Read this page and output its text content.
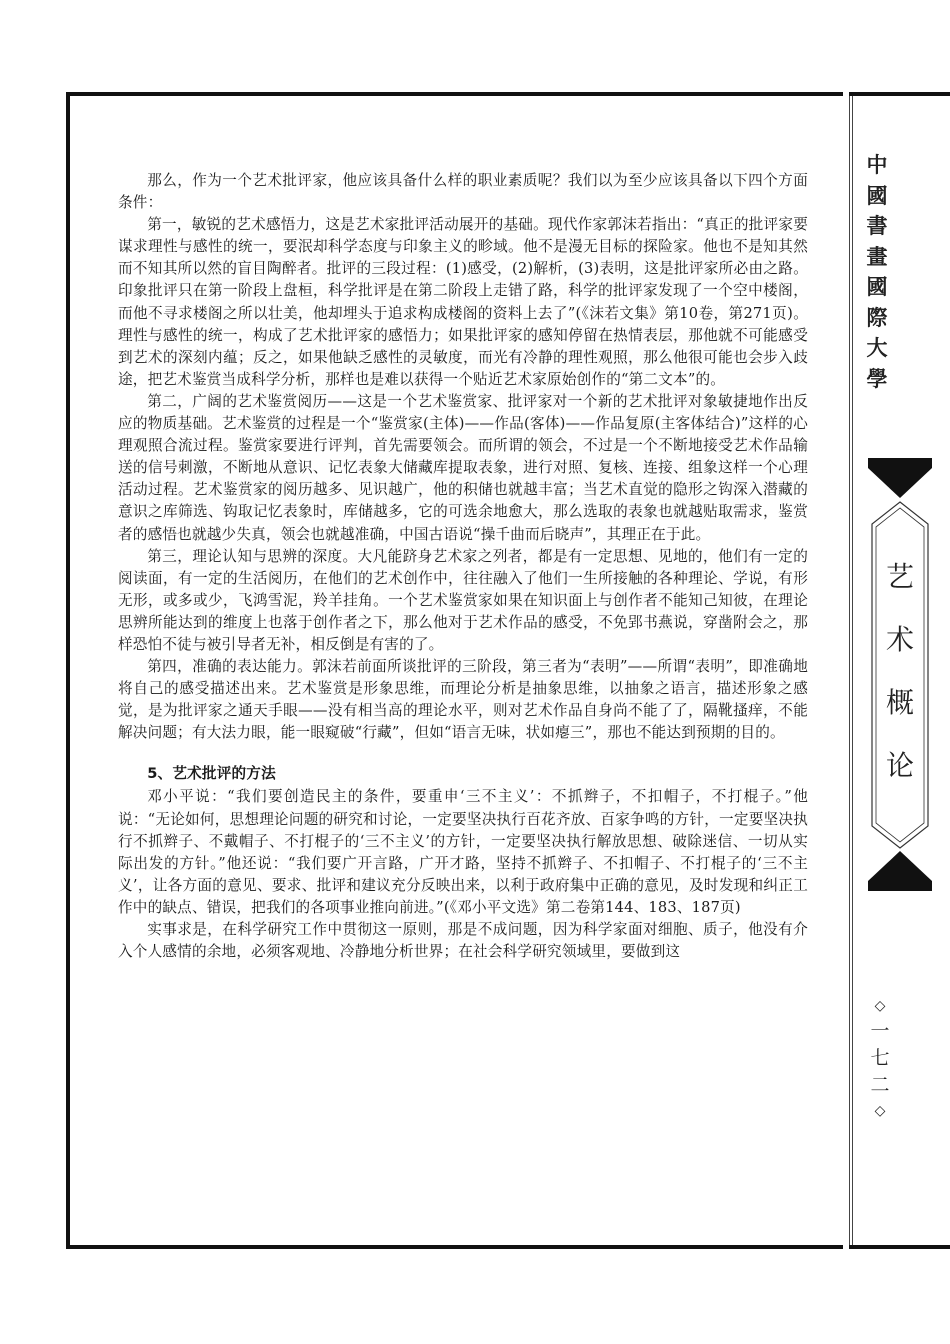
那么，作为一个艺术批评家，他应该具备什么样的职业素质呢？我们以为至少应该具备以下四个方面条件：

第一，敏锐的艺术感悟力，这是艺术家批评活动展开的基础。现代作家郭沫若指出：“真正的批评家要谋求理性与感性的统一，要泯却科学态度与印象主义的畛域。他不是漫无目标的探险家。他也不是知其然而不知其所以然的盲目陶醉者。批评的三段过程：(1)感受，(2)解析，(3)表明，这是批评家所必由之路。印象批评只在第一阶段上盘桓，科学批评是在第二阶段上走错了路，科学的批评家发现了一个空中楼阁，而他不寻求楼阁之所以壮美，他却埋头于追求构成楼阁的资料上去了”(《沫若文集》第10卷，第271页)。理性与感性的统一，构成了艺术批评家的感悟力；如果批评家的感知停留在热情表层，那他就不可能感受到艺术的深刻内蕴；反之，如果他缺乏感性的灵敏度，而光有冷静的理性观照，那么他很可能也会步入歧途，把艺术鉴赏当成科学分析，那样也是难以获得一个贴近艺术家原始创作的“第二文本”的。

第二，广阔的艺术鉴赏阅历——这是一个艺术鉴赏家、批评家对一个新的艺术批评对象敏捷地作出反应的物质基础。艺术鉴赏的过程是一个“鉴赏家(主体)——作品(客体)——作品复原(主客体结合)”这样的心理观照合流过程。鉴赏家要进行评判，首先需要领会。而所谓的领会，不过是一个不断地接受艺术作品输送的信号刺激，不断地从意识、记忆表象大储藏库提取表象，进行对照、复核、连接、组象这样一个心理活动过程。艺术鉴赏家的阅历越多、见识越广，他的积储也就越丰富；当艺术直觉的隐形之钩深入潜藏的意识之库筛选、钩取记忆表象时，库储越多，它的可选余地愈大，那么选取的表象也就越贴取需求，鉴赏者的感悟也就越少失真，领会也就越准确，中国古语说“操千曲而后晓声”，其理正在于此。

第三，理论认知与思辨的深度。大凡能跻身艺术家之列者，都是有一定思想、见地的，他们有一定的阅读面，有一定的生活阅历，在他们的艺术创作中，往往融入了他们一生所接触的各种理论、学说，有形无形，或多或少，飞鸿雪泥，羚羊挂角。一个艺术鉴赏家如果在知识面上与创作者不能知己知彼，在理论思辨所能达到的维度上也落于创作者之下，那么他对于艺术作品的感受，不免郢书燕说，穿凿附会之，那样恐怕不徒与被引导者无补，相反倒是有害的了。

第四，准确的表达能力。郭沫若前面所谈批评的三阶段，第三者为“表明”——所谓“表明”，即准确地将自己的感受描述出来。艺术鉴赏是形象思维，而理论分析是抽象思维，以抽象之语言，描述形象之感觉，是为批评家之通天手眼——没有相当高的理论水平，则对艺术作品自身尚不能了了，隔靴搔痒，不能解决问题；有大法力眼，能一眼窥破“行藏”，但如“语言无味，状如瘪三”，那也不能达到预期的目的。

5、艺术批评的方法

邓小平说：“我们要创造民主的条件，要重申‘三不主义’：不抓辫子，不扣帽子，不打棍子。”他说：“无论如何，思想理论问题的研究和讨论，一定要坚决执行百花齐放、百家争鸣的方针，一定要坚决执行不抓辫子、不戴帽子、不打棍子的‘三不主义’的方针，一定要坚决执行解放思想、破除迷信、一切从实际出发的方针。”他还说：“我们要广开言路，广开才路，坚持不抓辫子、不扣帽子、不打棍子的‘三不主义’，让各方面的意见、要求、批评和建议充分反映出来，以利于政府集中正确的意见，及时发现和纠正工作中的缺点、错误，把我们的各项事业推向前进。”(《邓小平文选》第二卷第144、183、187页)

实事求是，在科学研究工作中贯彻这一原则，那是不成问题，因为科学家面对细胞、质子，他没有介入个人感情的余地，必须客观地、冷静地分析世界；在社会科学研究领域里，要做到这

中
國
書
畫
國
際
大
學
艺
术
概
论
◇
一
七
二
◇
